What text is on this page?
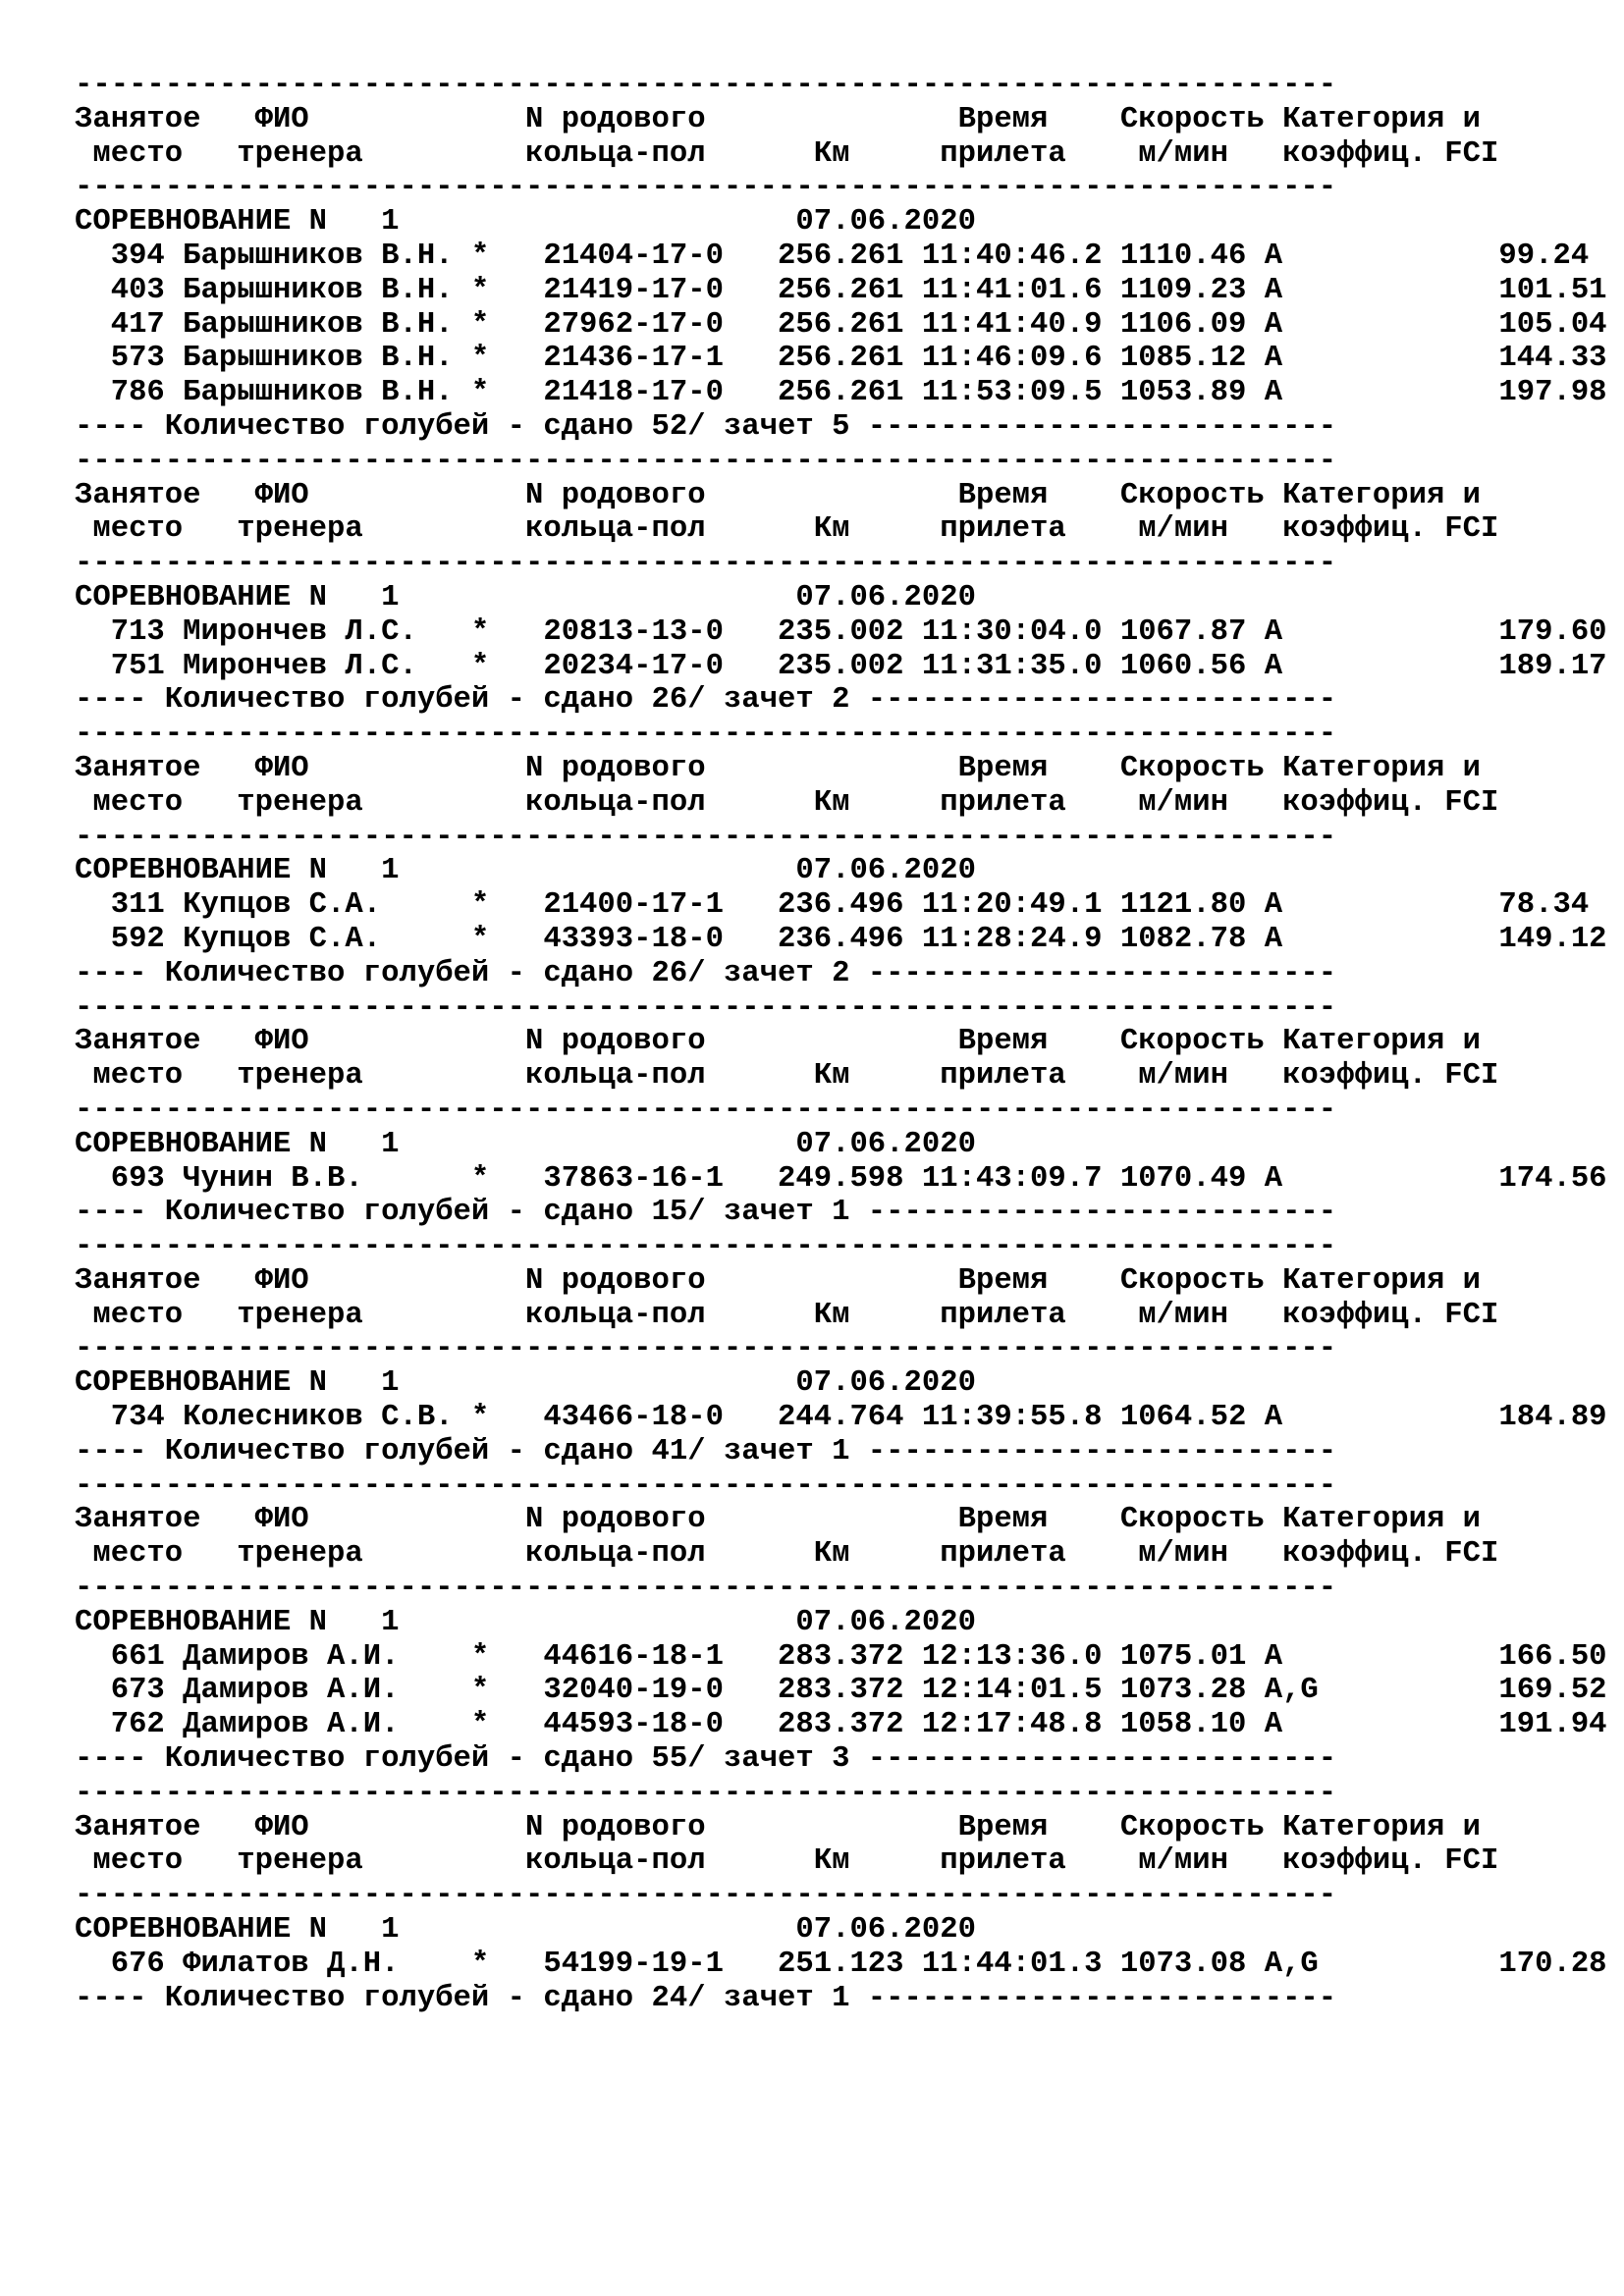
----------------------------------------------------------------------
Занятое   ФИО            N родового              Время    Скорость Категория и
место   тренера         кольца-пол      Км     прилета    м/мин   коэффиц. FCI
----------------------------------------------------------------------
СОРЕВНОВАНИЕ N   1	07.06.2020
394 Барышников В.Н. * 21404-17-0 256.261 11:40:46.2 1110.46 A	99.24
403 Барышников В.Н. * 21419-17-0 256.261 11:41:01.6 1109.23 A	101.51
417 Барышников В.Н. * 27962-17-0 256.261 11:41:40.9 1106.09 A	105.04
573 Барышников В.Н. * 21436-17-1 256.261 11:46:09.6 1085.12 A	144.33
786 Барышников В.Н. * 21418-17-0 256.261 11:53:09.5 1053.89 A	197.98
---- Количество голубей - сдано 52/ зачет 5 --------------------------
----------------------------------------------------------------------
Занятое   ФИО            N родового              Время    Скорость Категория и
место   тренера         кольца-пол      Км     прилета    м/мин   коэффиц. FCI
----------------------------------------------------------------------
СОРЕВНОВАНИЕ N   1	07.06.2020
713 Мирончев Л.С. * 20813-13-0 235.002 11:30:04.0 1067.87 A	179.60
751 Мирончев Л.С. * 20234-17-0 235.002 11:31:35.0 1060.56 A	189.17
---- Количество голубей - сдано 26/ зачет 2 --------------------------
----------------------------------------------------------------------
Занятое   ФИО            N родового              Время    Скорость Категория и
место   тренера         кольца-пол      Км     прилета    м/мин   коэффиц. FCI
----------------------------------------------------------------------
СОРЕВНОВАНИЕ N   1	07.06.2020
311 Купцов С.А.	* 21400-17-1 236.496 11:20:49.1 1121.80 A	78.34
592 Купцов С.А.	* 43393-18-0 236.496 11:28:24.9 1082.78 A	149.12
---- Количество голубей - сдано 26/ зачет 2 --------------------------
----------------------------------------------------------------------
Занятое   ФИО            N родового              Время    Скорость Категория и
место   тренера         кольца-пол      Км     прилета    м/мин   коэффиц. FCI
----------------------------------------------------------------------
СОРЕВНОВАНИЕ N   1	07.06.2020
693 Чунин В.В.	* 37863-16-1 249.598 11:43:09.7 1070.49 A	174.56
---- Количество голубей - сдано 15/ зачет 1 --------------------------
----------------------------------------------------------------------
Занятое   ФИО            N родового              Время    Скорость Категория и
место   тренера         кольца-пол      Км     прилета    м/мин   коэффиц. FCI
----------------------------------------------------------------------
СОРЕВНОВАНИЕ N   1	07.06.2020
734 Колесников С.В. * 43466-18-0 244.764 11:39:55.8 1064.52 A	184.89
---- Количество голубей - сдано 41/ зачет 1 --------------------------
----------------------------------------------------------------------
Занятое   ФИО            N родового              Время    Скорость Категория и
место   тренера         кольца-пол      Км     прилета    м/мин   коэффиц. FCI
----------------------------------------------------------------------
СОРЕВНОВАНИЕ N   1	07.06.2020
661 Дамиров А.И. * 44616-18-1 283.372 12:13:36.0 1075.01 A	166.50
673 Дамиров А.И. * 32040-19-0 283.372 12:14:01.5 1073.28 A,G	169.52
762 Дамиров А.И. * 44593-18-0 283.372 12:17:48.8 1058.10 A	191.94
---- Количество голубей - сдано 55/ зачет 3 --------------------------
----------------------------------------------------------------------
Занятое   ФИО            N родового              Время    Скорость Категория и
место   тренера         кольца-пол      Км     прилета    м/мин   коэффиц. FCI
----------------------------------------------------------------------
СОРЕВНОВАНИЕ N   1	07.06.2020
676 Филатов Д.Н. * 54199-19-1 251.123 11:44:01.3 1073.08 A,G	170.28
---- Количество голубей - сдано 24/ зачет 1 --------------------------
